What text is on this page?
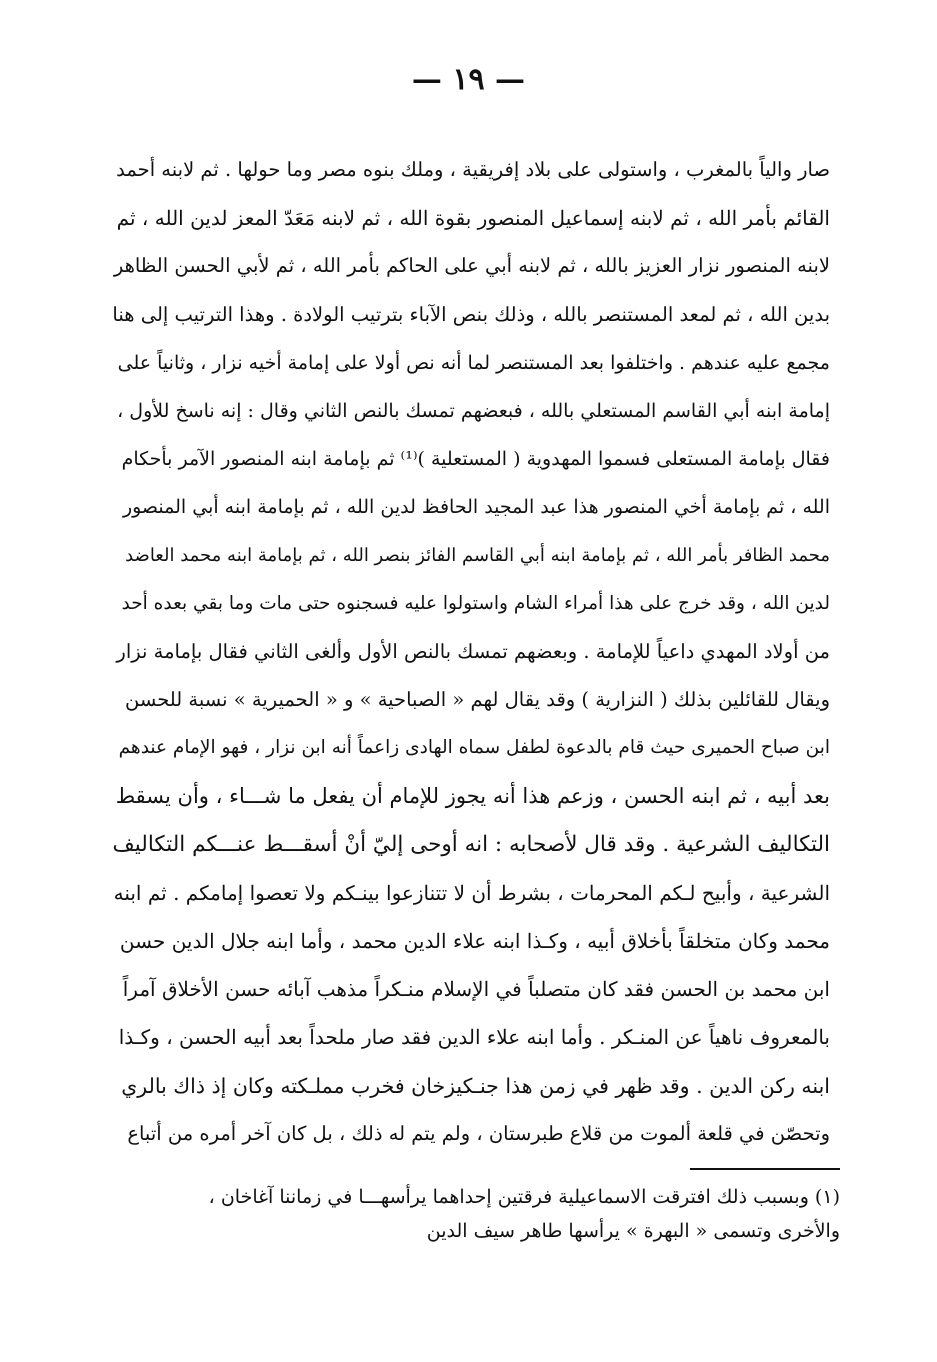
— ١٩ —
صار والياً بالمغرب ، واستولى على بلاد إفريقية ، وملك بنوه مصر وما حولها . ثم لابنه أحمد
القائم بأمر الله ، ثم لابنه إسماعيل المنصور بقوة الله ، ثم لابنه مَعَدّ المعز لدين الله ، ثم
لابنه المنصور نزار العزيز بالله ، ثم لابنه أبي على الحاكم بأمر الله ، ثم لأبي الحسن الظاهر
بدين الله ، ثم لمعد المستنصر بالله ، وذلك بنص الآباء بترتيب الولادة . وهذا الترتيب إلى هنا
مجمع عليه عندهم . واختلفوا بعد المستنصر لما أنه نص أولا على إمامة أخيه نزار ، وثانياً على
إمامة ابنه أبي القاسم المستعلي بالله ، فبعضهم تمسك بالنص الثاني وقال : إنه ناسخ للأول ،
فقال بإمامة المستعلى فسموا المهدوية ( المستعلية )⁽¹⁾ ثم بإمامة ابنه المنصور الآمر بأحكام
الله ، ثم بإمامة أخي المنصور هذا عبد المجيد الحافظ لدين الله ، ثم بإمامة ابنه أبي المنصور
محمد الظافر بأمر الله ، ثم بإمامة ابنه أبي القاسم الفائز بنصر الله ، ثم بإمامة ابنه محمد العاضد
لدين الله ، وقد خرج على هذا أمراء الشام واستولوا عليه فسجنوه حتى مات وما بقي بعده أحد
من أولاد المهدي داعياً للإمامة . وبعضهم تمسك بالنص الأول وألغى الثاني فقال بإمامة نزار
ويقال للقائلين بذلك ( النزارية ) وقد يقال لهم « الصباحية » و « الحميرية » نسبة للحسن
ابن صباح الحميرى حيث قام بالدعوة لطفل سماه الهادى زاعماً أنه ابن نزار ، فهو الإمام عندهم
بعد أبيه ، ثم ابنه الحسن ، وزعم هذا أنه يجوز للإمام أن يفعل ما شـــاء ، وأن يسقط
التكاليف الشرعية . وقد قال لأصحابه : انه أوحى إليّ أنْ أسقـــط عنـــكم التكاليف
الشرعية ، وأبيح لـكم المحرمات ، بشرط أن لا تتنازعوا بينـكم ولا تعصوا إمامكم . ثم ابنه
محمد وكان متخلقاً بأخلاق أبيه ، وكـذا ابنه علاء الدين محمد ، وأما ابنه جلال الدين حسن
ابن محمد بن الحسن فقد كان متصلباً في الإسلام منـكراً مذهب آبائه حسن الأخلاق آمراً
بالمعروف ناهياً عن المنـكر . وأما ابنه علاء الدين فقد صار ملحداً بعد أبيه الحسن ، وكـذا
ابنه ركن الدين . وقد ظهر في زمن هذا جنـكيزخان فخرب مملـكته وكان إذ ذاك بالري
وتحصّن في قلعة ألموت من قلاع طبرستان ، ولم يتم له ذلك ، بل كان آخر أمره من أتباع
(١) وبسبب ذلك افترقت الاسماعيلية فرقتين إحداهما يرأسهـــا في زماننا آغاخان ،
والأخرى وتسمى « البهرة » يرأسها طاهر سيف الدين
